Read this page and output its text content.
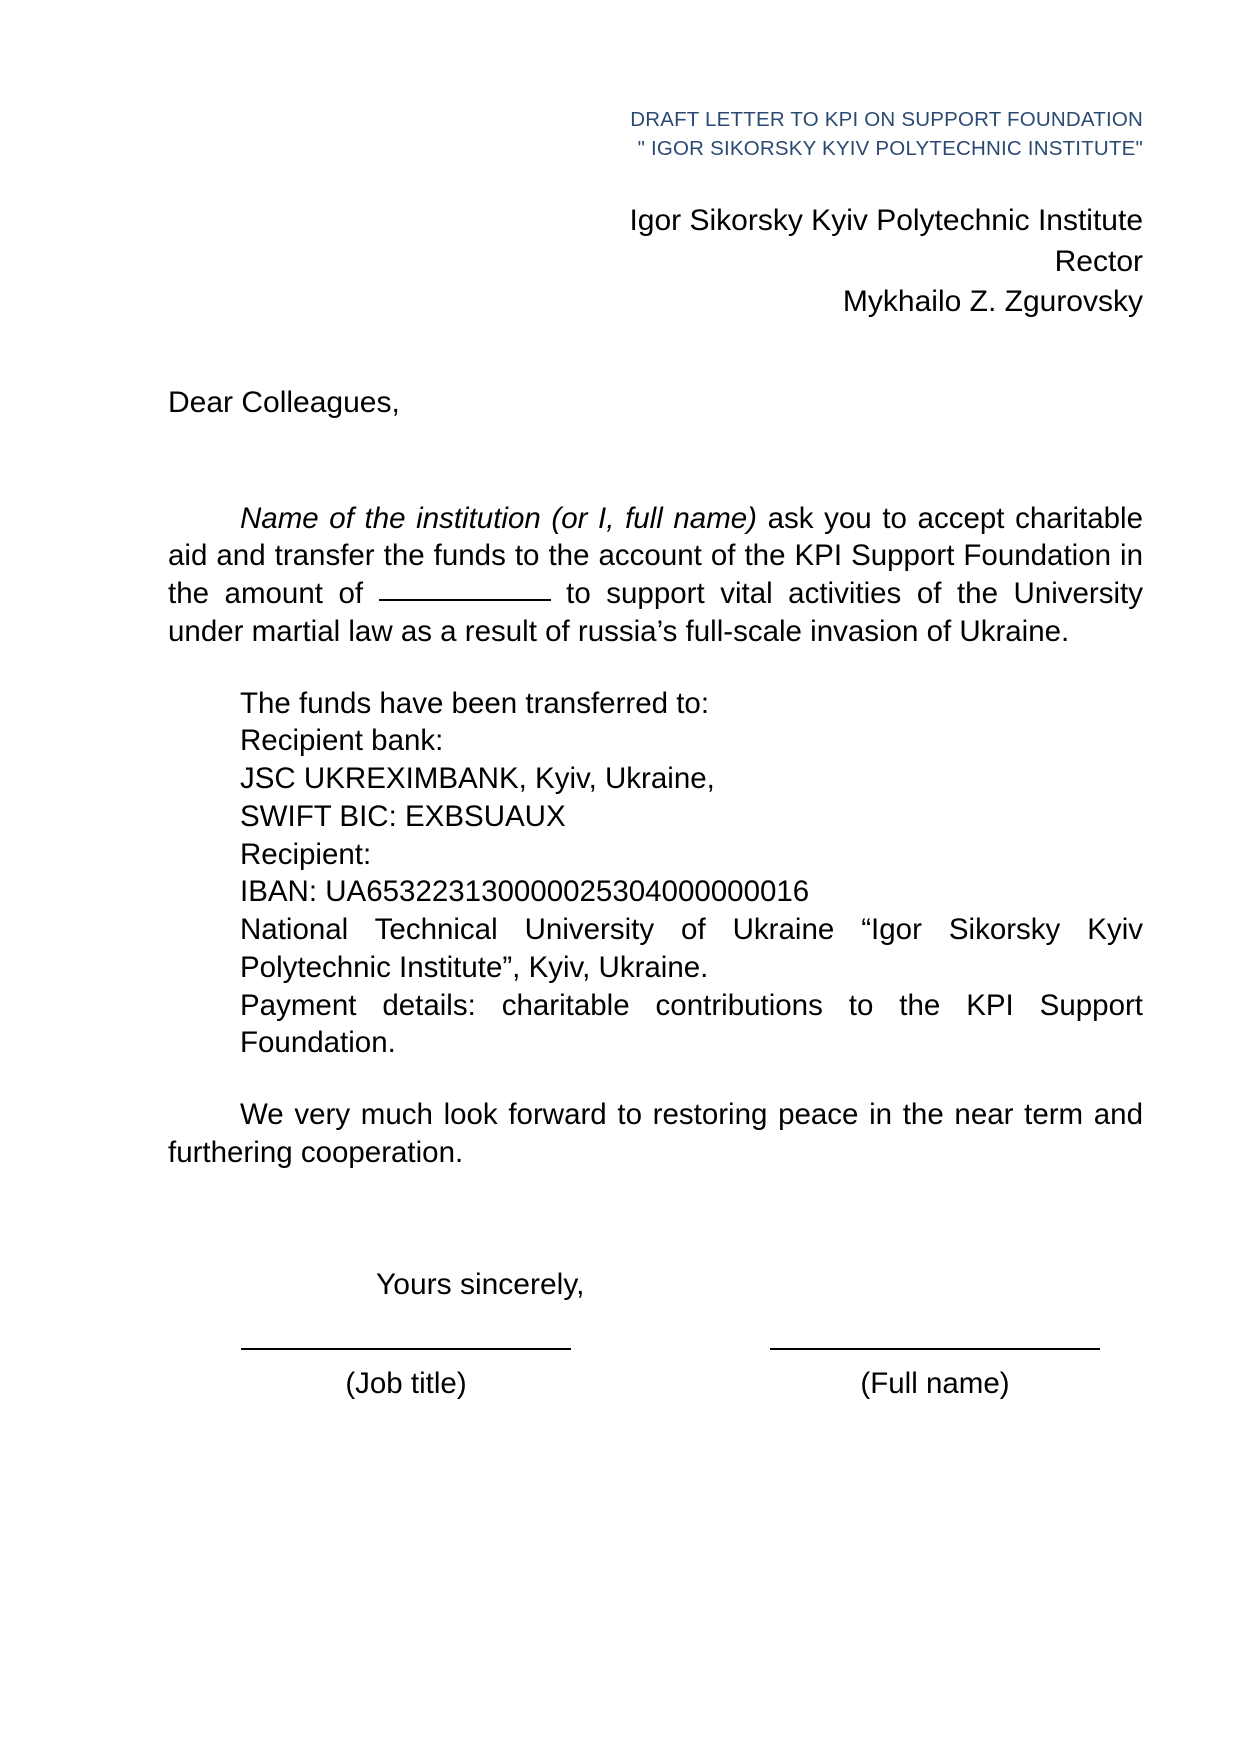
DRAFT LETTER TO KPI ON SUPPORT FOUNDATION
" IGOR SIKORSKY KYIV POLYTECHNIC INSTITUTE"
Igor Sikorsky Kyiv Polytechnic Institute
Rector
Mykhailo Z. Zgurovsky
Dear Colleagues,

Name of the institution (or I, full name) ask you to accept charitable aid and transfer the funds to the account of the KPI Support Foundation in the amount of	to support vital activities of the University under martial law as a result of russia’s full-scale invasion of Ukraine.

The funds have been transferred to:

Recipient bank:

JSC UKREXIMBANK, Kyiv, Ukraine,

SWIFT BIC: EXBSUAUX

Recipient:

IBAN: UA653223130000025304000000016

National Technical University of Ukraine “Igor Sikorsky Kyiv Polytechnic Institute”, Kyiv, Ukraine.

Payment details: charitable contributions to the KPI Support Foundation.

We very much look forward to restoring peace in the near term and furthering cooperation.

Yours sincerely,
(Job title)	(Full name)
